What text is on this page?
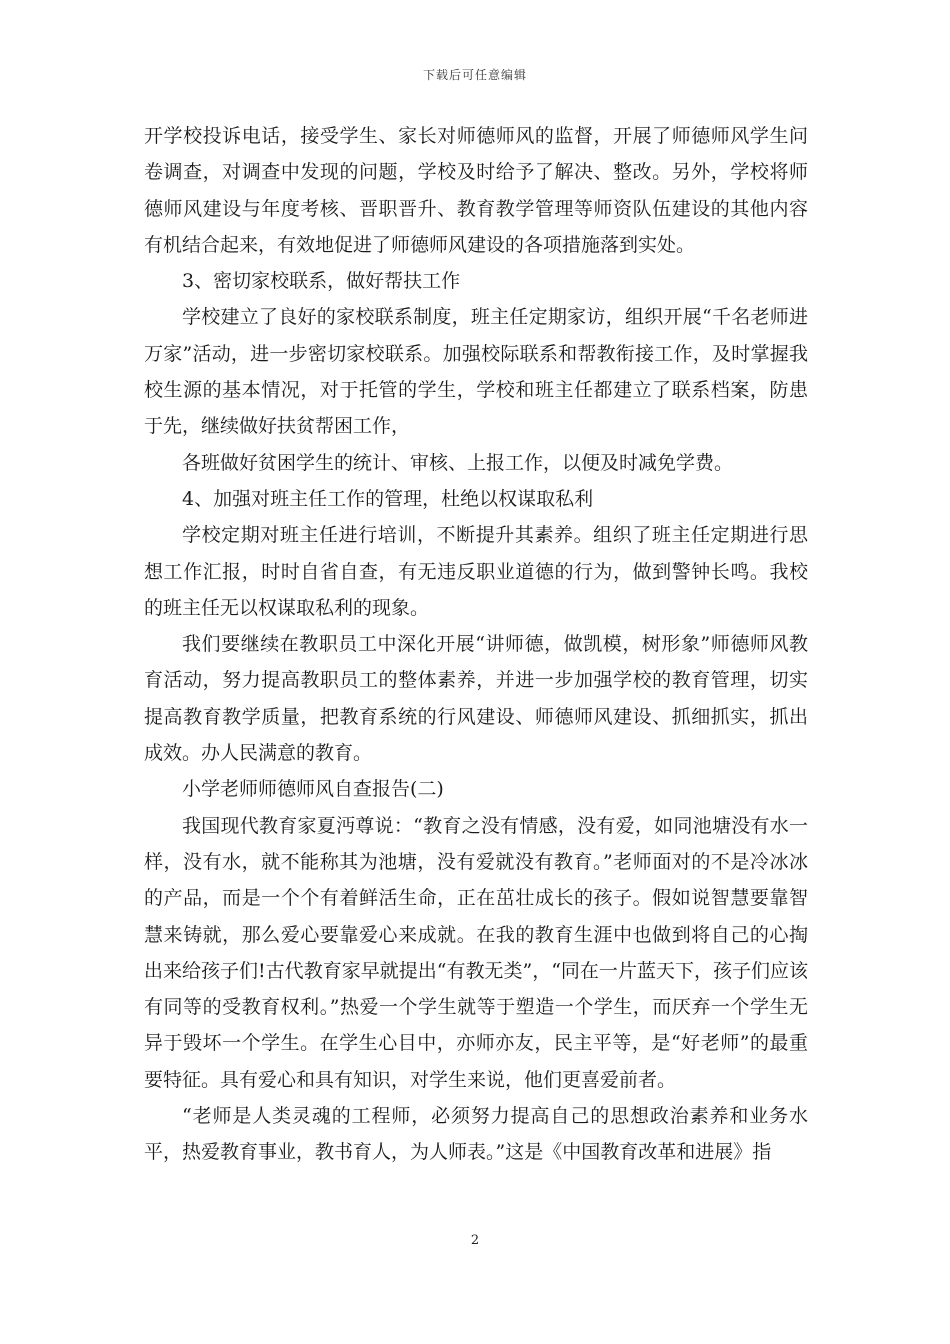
下载后可任意编辑

开学校投诉电话，接受学生、家长对师德师风的监督，开展了师德师风学生问卷调查，对调查中发现的问题，学校及时给予了解决、整改。另外，学校将师德师风建设与年度考核、晋职晋升、教育教学管理等师资队伍建设的其他内容有机结合起来，有效地促进了师德师风建设的各项措施落到实处。

3、密切家校联系，做好帮扶工作

学校建立了良好的家校联系制度，班主任定期家访，组织开展“千名老师进万家”活动，进一步密切家校联系。加强校际联系和帮教衔接工作，及时掌握我校生源的基本情况，对于托管的学生，学校和班主任都建立了联系档案，防患于先，继续做好扶贫帮困工作，

各班做好贫困学生的统计、审核、上报工作，以便及时减免学费。

4、加强对班主任工作的管理，杜绝以权谋取私利

学校定期对班主任进行培训，不断提升其素养。组织了班主任定期进行思想工作汇报，时时自省自查，有无违反职业道德的行为，做到警钟长鸣。我校的班主任无以权谋取私利的现象。

我们要继续在教职员工中深化开展“讲师德，做凯模，树形象”师德师风教育活动，努力提高教职员工的整体素养，并进一步加强学校的教育管理，切实提高教育教学质量，把教育系统的行风建设、师德师风建设、抓细抓实，抓出成效。办人民满意的教育。

小学老师师德师风自查报告(二)

我国现代教育家夏沔尊说：“教育之没有情感，没有爱，如同池塘没有水一样，没有水，就不能称其为池塘，没有爱就没有教育。”老师面对的不是冷冰冰的产品，而是一个个有着鲜活生命，正在茁壮成长的孩子。假如说智慧要靠智慧来铸就，那么爱心要靠爱心来成就。在我的教育生涯中也做到将自己的心掏出来给孩子们!古代教育家早就提出“有教无类”，“同在一片蓝天下，孩子们应该有同等的受教育权利。”热爱一个学生就等于塑造一个学生，而厌弃一个学生无异于毁坏一个学生。在学生心目中，亦师亦友，民主平等，是“好老师”的最重要特征。具有爱心和具有知识，对学生来说，他们更喜爱前者。

“老师是人类灵魂的工程师，必须努力提高自己的思想政治素养和业务水平，热爱教育事业，教书育人，为人师表。”这是《中国教育改革和进展》指

2
